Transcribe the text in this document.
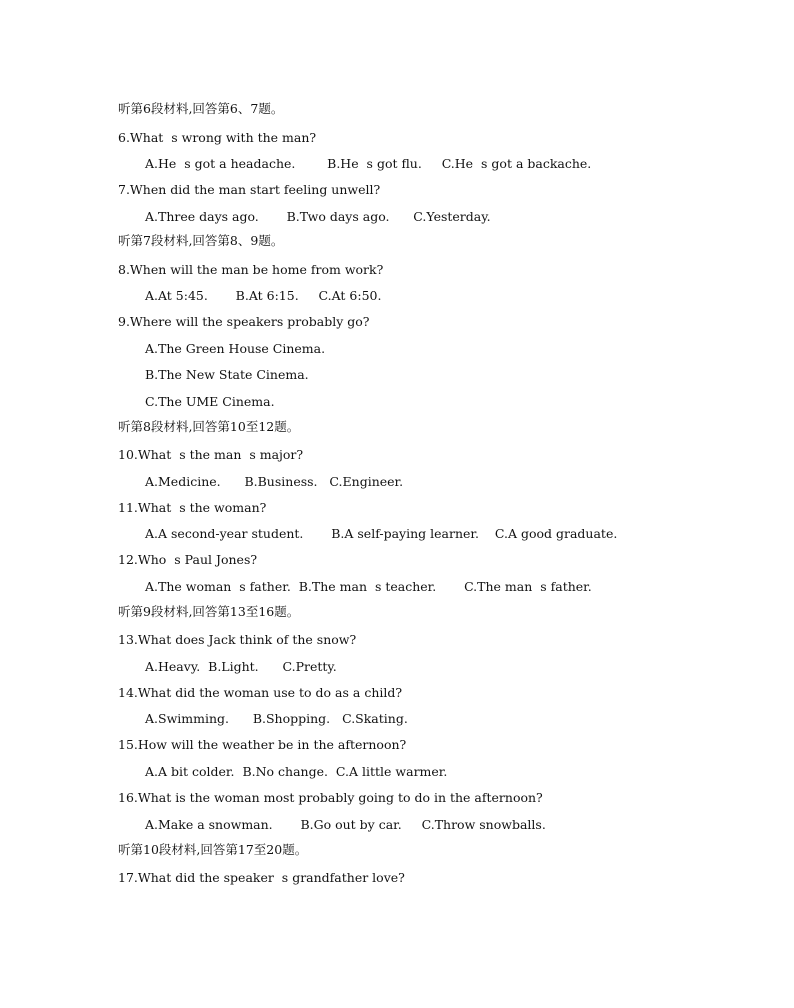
听第6段材料,回答第6、7题。
6.What  s wrong with the man?
A.He  s got a headache.        B.He  s got flu.     C.He  s got a backache.
7.When did the man start feeling unwell?
A.Three days ago.       B.Two days ago.      C.Yesterday.
听第7段材料,回答第8、9题。
8.When will the man be home from work?
A.At 5:45.       B.At 6:15.     C.At 6:50.
9.Where will the speakers probably go?
A.The Green House Cinema.
B.The New State Cinema.
C.The UME Cinema.
听第8段材料,回答第10至12题。
10.What  s the man  s major?
A.Medicine.      B.Business.   C.Engineer.
11.What  s the woman?
A.A second-year student.       B.A self-paying learner.    C.A good graduate.
12.Who  s Paul Jones?
A.The woman  s father.  B.The man  s teacher.       C.The man  s father.
听第9段材料,回答第13至16题。
13.What does Jack think of the snow?
A.Heavy.  B.Light.      C.Pretty.
14.What did the woman use to do as a child?
A.Swimming.      B.Shopping.   C.Skating.
15.How will the weather be in the afternoon?
A.A bit colder.  B.No change.  C.A little warmer.
16.What is the woman most probably going to do in the afternoon?
A.Make a snowman.       B.Go out by car.     C.Throw snowballs.
听第10段材料,回答第17至20题。
17.What did the speaker  s grandfather love?
